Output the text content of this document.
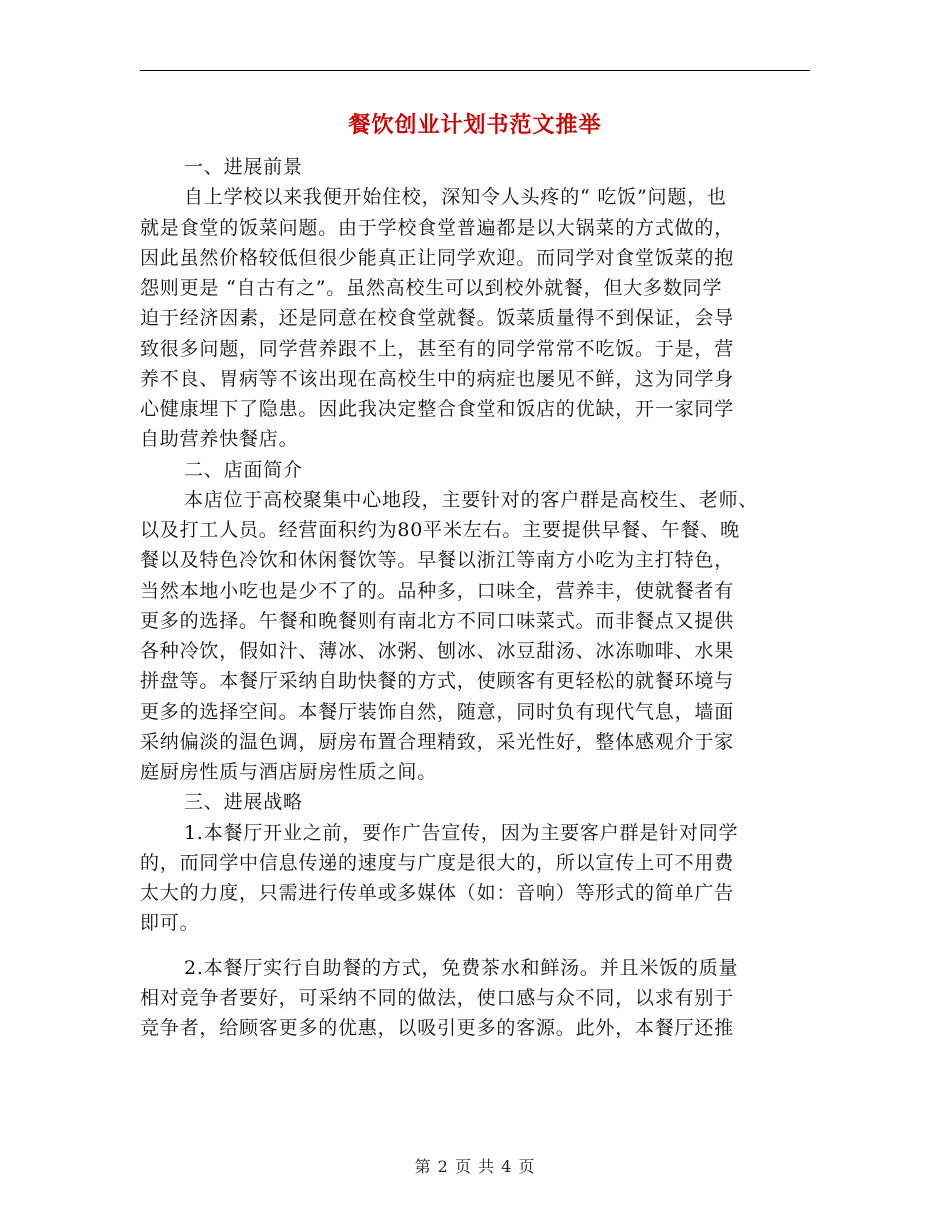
餐饮创业计划书范文推举
一、进展前景
自上学校以来我便开始住校，深知令人头疼的“ 吃饭”问题，也
就是食堂的饭菜问题。由于学校食堂普遍都是以大锅菜的方式做的，
因此虽然价格较低但很少能真正让同学欢迎。而同学对食堂饭菜的抱
怨则更是 “自古有之”。虽然高校生可以到校外就餐，但大多数同学
迫于经济因素，还是同意在校食堂就餐。饭菜质量得不到保证，会导
致很多问题，同学营养跟不上，甚至有的同学常常不吃饭。于是，营
养不良、胃病等不该出现在高校生中的病症也屡见不鲜，这为同学身
心健康埋下了隐患。因此我决定整合食堂和饭店的优缺，开一家同学
自助营养快餐店。
二、店面简介
本店位于高校聚集中心地段，主要针对的客户群是高校生、老师、
以及打工人员。经营面积约为80平米左右。主要提供早餐、午餐、晚
餐以及特色冷饮和休闲餐饮等。早餐以浙江等南方小吃为主打特色，
当然本地小吃也是少不了的。品种多，口味全，营养丰，使就餐者有
更多的选择。午餐和晚餐则有南北方不同口味菜式。而非餐点又提供
各种冷饮，假如汁、薄冰、冰粥、刨冰、冰豆甜汤、冰冻咖啡、水果
拼盘等。本餐厅采纳自助快餐的方式，使顾客有更轻松的就餐环境与
更多的选择空间。本餐厅装饰自然，随意，同时负有现代气息，墙面
采纳偏淡的温色调，厨房布置合理精致，采光性好，整体感观介于家
庭厨房性质与酒店厨房性质之间。
三、进展战略
1.本餐厅开业之前，要作广告宣传，因为主要客户群是针对同学
的，而同学中信息传递的速度与广度是很大的，所以宣传上可不用费
太大的力度，只需进行传单或多媒体（如：音响）等形式的简单广告
即可。
2.本餐厅实行自助餐的方式，免费茶水和鲜汤。并且米饭的质量
相对竞争者要好，可采纳不同的做法，使口感与众不同，以求有别于
竞争者，给顾客更多的优惠，以吸引更多的客源。此外，本餐厅还推
第 2 页 共 4 页
